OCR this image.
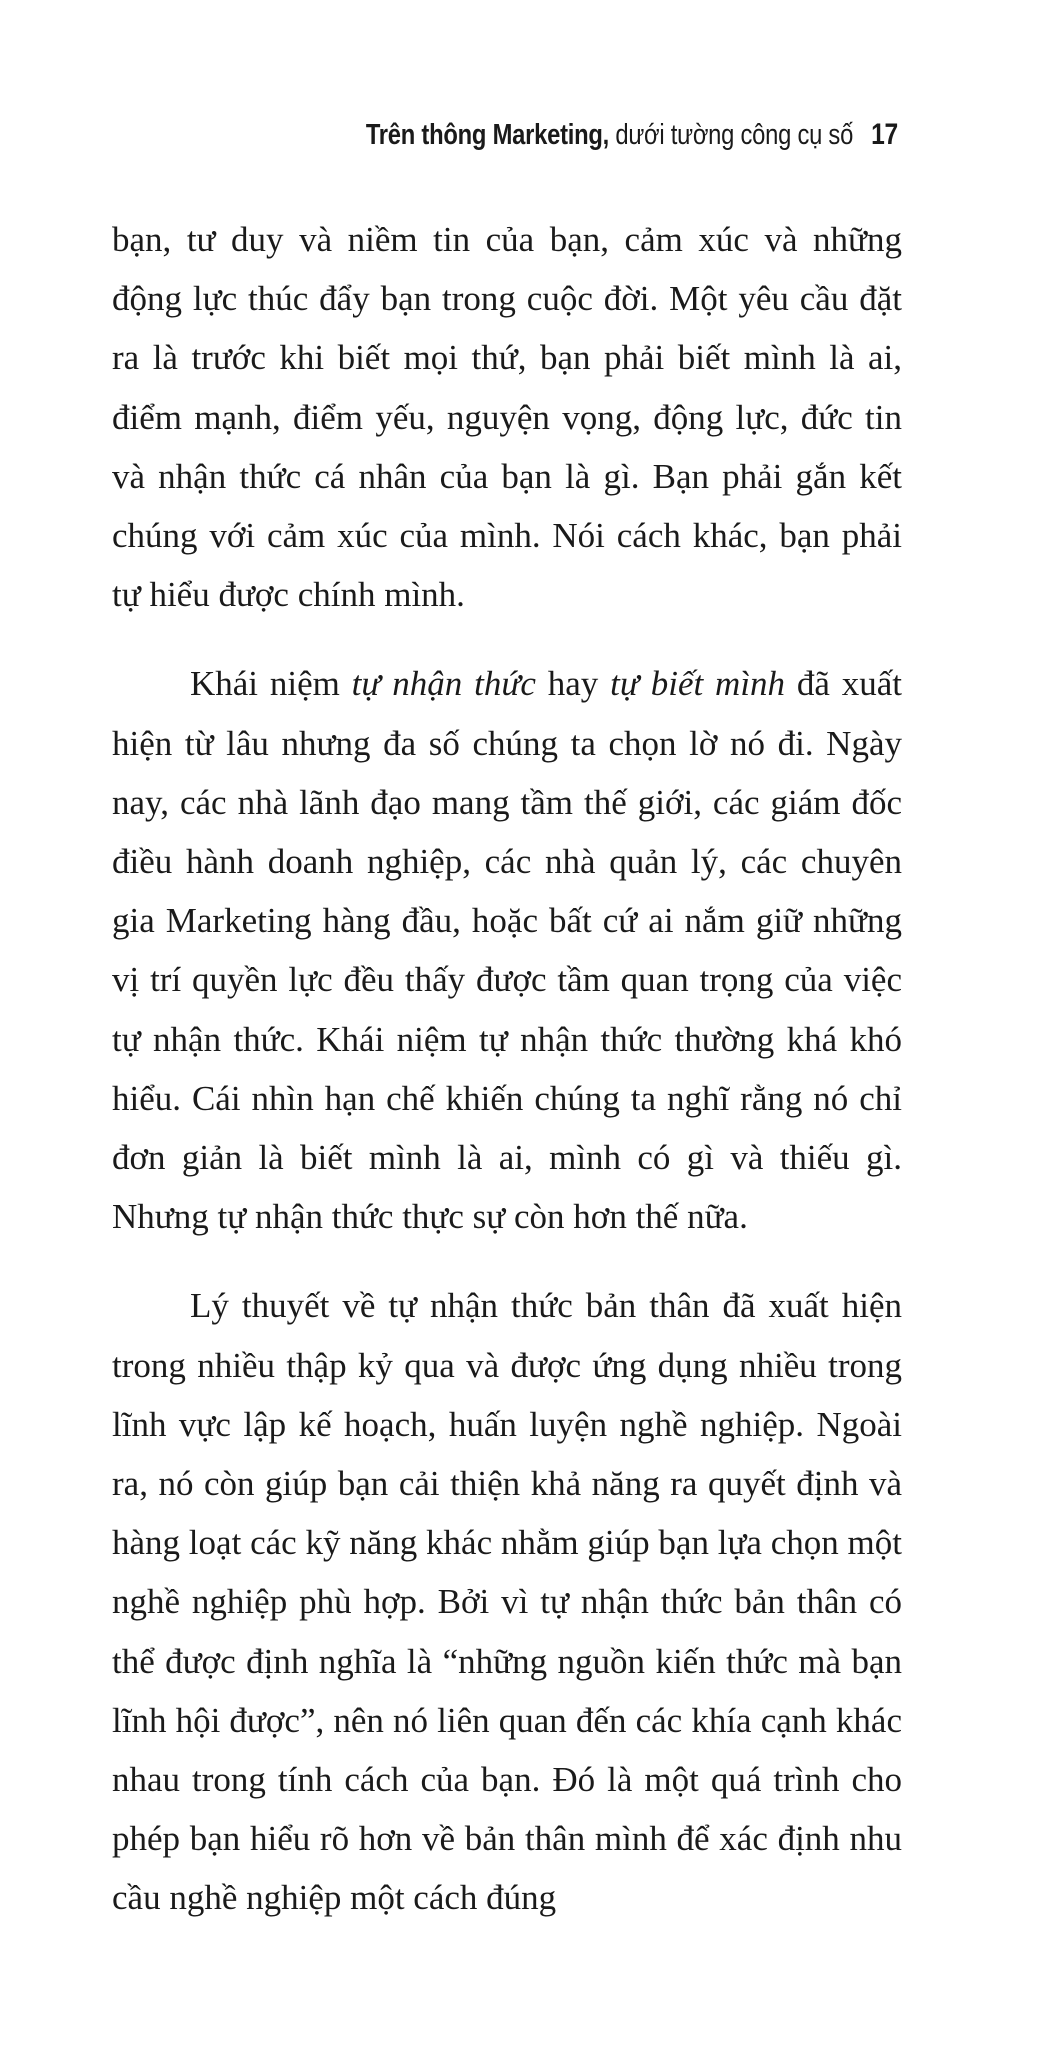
Trên thông Marketing, dưới tường công cụ số 17

bạn, tư duy và niềm tin của bạn, cảm xúc và những động lực thúc đẩy bạn trong cuộc đời. Một yêu cầu đặt ra là trước khi biết mọi thứ, bạn phải biết mình là ai, điểm mạnh, điểm yếu, nguyện vọng, động lực, đức tin và nhận thức cá nhân của bạn là gì. Bạn phải gắn kết chúng với cảm xúc của mình. Nói cách khác, bạn phải tự hiểu được chính mình.

Khái niệm tự nhận thức hay tự biết mình đã xuất hiện từ lâu nhưng đa số chúng ta chọn lờ nó đi. Ngày nay, các nhà lãnh đạo mang tầm thế giới, các giám đốc điều hành doanh nghiệp, các nhà quản lý, các chuyên gia Marketing hàng đầu, hoặc bất cứ ai nắm giữ những vị trí quyền lực đều thấy được tầm quan trọng của việc tự nhận thức. Khái niệm tự nhận thức thường khá khó hiểu. Cái nhìn hạn chế khiến chúng ta nghĩ rằng nó chỉ đơn giản là biết mình là ai, mình có gì và thiếu gì. Nhưng tự nhận thức thực sự còn hơn thế nữa.

Lý thuyết về tự nhận thức bản thân đã xuất hiện trong nhiều thập kỷ qua và được ứng dụng nhiều trong lĩnh vực lập kế hoạch, huấn luyện nghề nghiệp. Ngoài ra, nó còn giúp bạn cải thiện khả năng ra quyết định và hàng loạt các kỹ năng khác nhằm giúp bạn lựa chọn một nghề nghiệp phù hợp. Bởi vì tự nhận thức bản thân có thể được định nghĩa là “những nguồn kiến thức mà bạn lĩnh hội được”, nên nó liên quan đến các khía cạnh khác nhau trong tính cách của bạn. Đó là một quá trình cho phép bạn hiểu rõ hơn về bản thân mình để xác định nhu cầu nghề nghiệp một cách đúng
